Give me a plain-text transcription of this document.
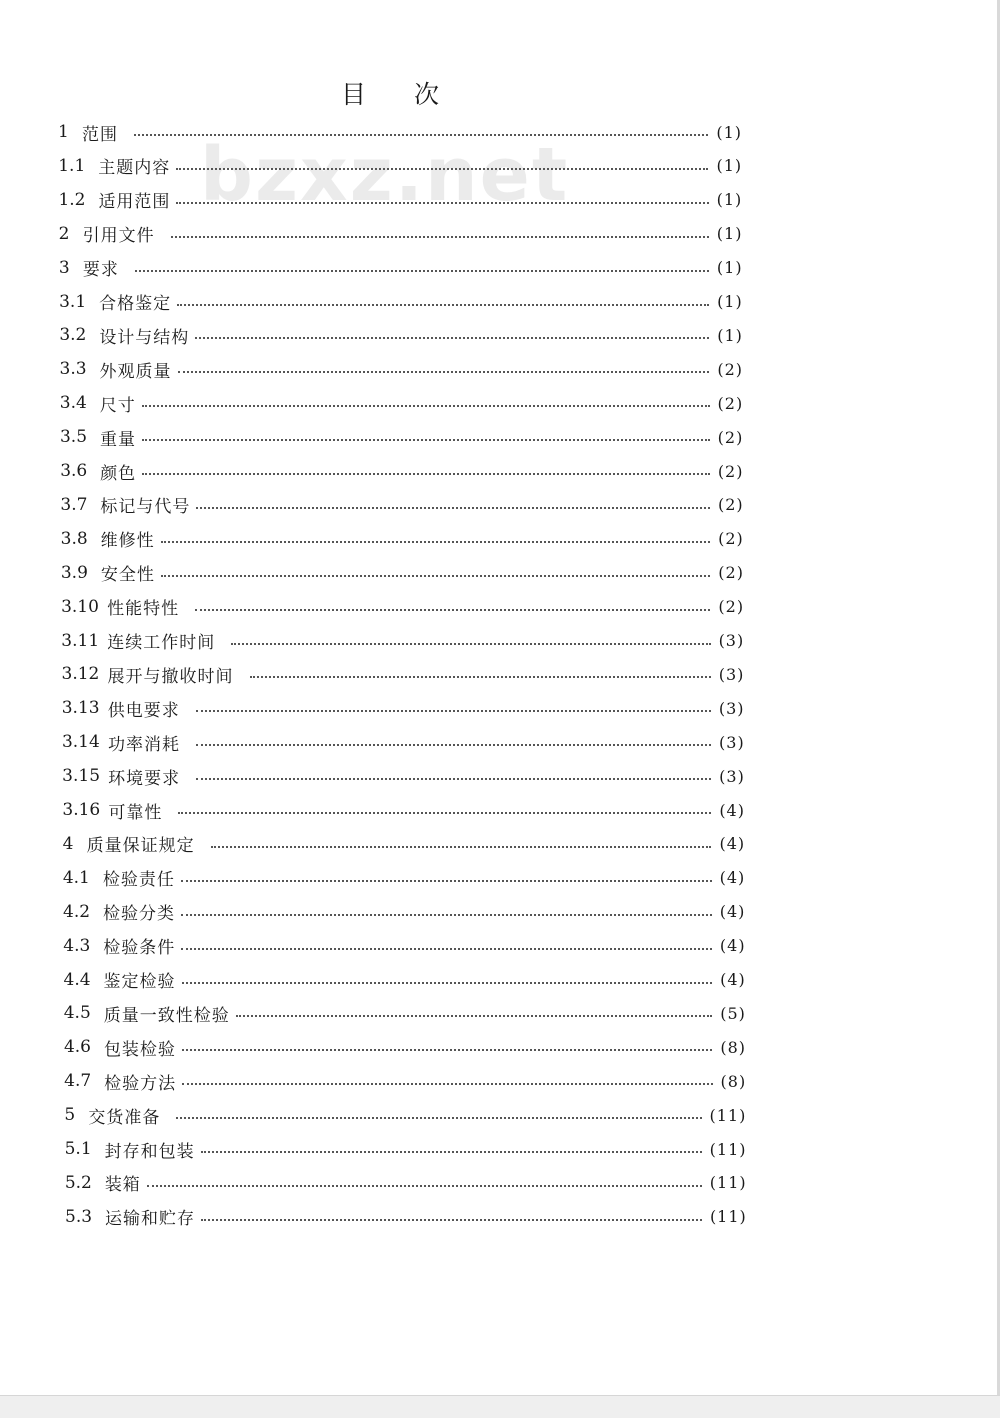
bzxz.net
目 次
1 范围	(1)
1.1 主题内容	(1)
1.2 适用范围	(1)
2 引用文件	(1)
3 要求	(1)
3.1 合格鉴定	(1)
3.2 设计与结构	(1)
3.3 外观质量	(2)
3.4 尺寸	(2)
3.5 重量	(2)
3.6 颜色	(2)
3.7 标记与代号	(2)
3.8 维修性	(2)
3.9 安全性	(2)
3.10 性能特性	(2)
3.11 连续工作时间	(3)
3.12 展开与撤收时间	(3)
3.13 供电要求	(3)
3.14 功率消耗	(3)
3.15 环境要求	(3)
3.16 可靠性	(4)
4 质量保证规定	(4)
4.1 检验责任	(4)
4.2 检验分类	(4)
4.3 检验条件	(4)
4.4 鉴定检验	(4)
4.5 质量一致性检验	(5)
4.6 包装检验	(8)
4.7 检验方法	(8)
5 交货准备	(11)
5.1 封存和包装	(11)
5.2 装箱	(11)
5.3 运输和贮存	(11)
